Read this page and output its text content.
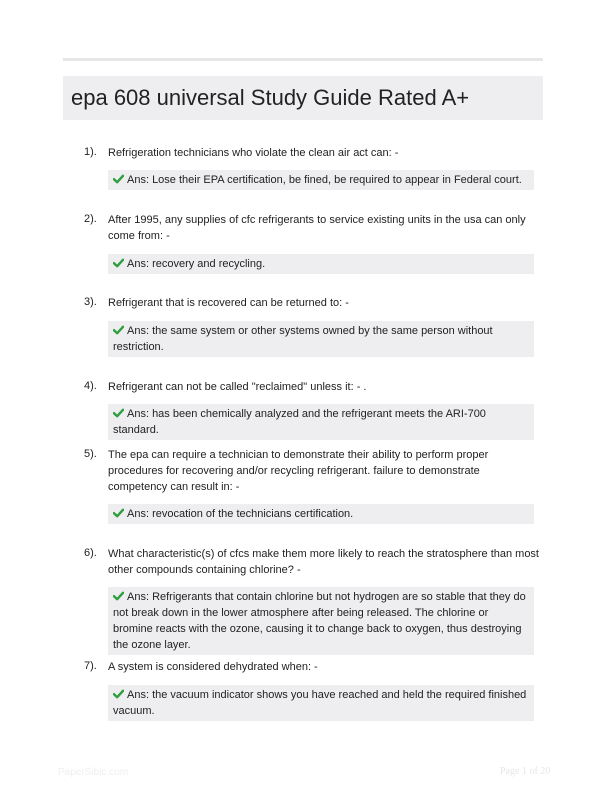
epa 608 universal Study Guide Rated A+
1). Refrigeration technicians who violate the clean air act can: -
Ans: Lose their EPA certification, be fined, be required to appear in Federal court.
2). After 1995, any supplies of cfc refrigerants to service existing units in the usa can only come from: -
Ans: recovery and recycling.
3). Refrigerant that is recovered can be returned to: -
Ans: the same system or other systems owned by the same person without restriction.
4). Refrigerant can not be called "reclaimed" unless it: - .
Ans: has been chemically analyzed and the refrigerant meets the ARI-700 standard.
5). The epa can require a technician to demonstrate their ability to perform proper procedures for recovering and/or recycling refrigerant. failure to demonstrate competency can result in: -
Ans: revocation of the technicians certification.
6). What characteristic(s) of cfcs make them more likely to reach the stratosphere than most other compounds containing chlorine? -
Ans: Refrigerants that contain chlorine but not hydrogen are so stable that they do not break down in the lower atmosphere after being released. The chlorine or bromine reacts with the ozone, causing it to change back to oxygen, thus destroying the ozone layer.
7). A system is considered dehydrated when: -
Ans: the vacuum indicator shows you have reached and held the required finished vacuum.
PaperSibic.com	Page 1 of 20
